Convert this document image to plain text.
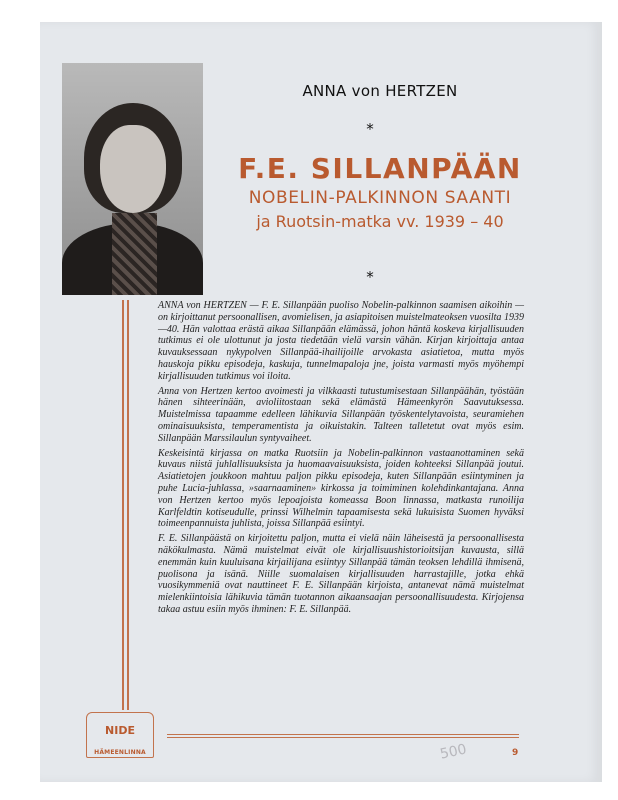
ANNA von HERTZEN
*
F.E. SILLANPÄÄN
NOBELIN-PALKINNON SAANTI
ja Ruotsin-matka vv. 1939 – 40
*

ANNA von HERTZEN — F. E. Sillanpään puoliso Nobelin-palkinnon saamisen aikoihin — on kirjoittanut persoonallisen, avomielisen, ja asiapitoisen muistelmateoksen vuosilta 1939—40. Hän valottaa erästä aikaa Sillanpään elämässä, johon häntä koskeva kirjallisuuden tutkimus ei ole ulottunut ja josta tiedetään vielä varsin vähän. Kirjan kirjoittaja antaa kuvauksessaan nykypolven Sillanpää-ihailijoille arvokasta asiatietoa, mutta myös hauskoja pikku episodeja, kaskuja, tunnelmapaloja jne, joista varmasti myös myöhempi kirjallisuuden tutkimus voi iloita.

Anna von Hertzen kertoo avoimesti ja vilkkaasti tutustumisestaan Sillanpäähän, työstään hänen sihteerinään, avioliitostaan sekä elämästä Hämeenkyrön Saavutuksessa. Muistelmissa tapaamme edelleen lähikuvia Sillanpään työskentelytavoista, seuramiehen ominaisuuksista, temperamentista ja oikuistakin. Talteen talletetut ovat myös esim. Sillanpään Marssilaulun syntyvaiheet.

Keskeisintä kirjassa on matka Ruotsiin ja Nobelin-palkinnon vastaanottaminen sekä kuvaus niistä juhlallisuuksista ja huomaavaisuuksista, joiden kohteeksi Sillanpää joutui. Asiatietojen joukkoon mahtuu paljon pikku episodeja, kuten Sillanpään esiintyminen ja puhe Lucia-juhlassa, »saarnaaminen» kirkossa ja toimiminen kolehdinkantajana. Anna von Hertzen kertoo myös lepoajoista komeassa Boon linnassa, matkasta runoilija Karlfeldtin kotiseudulle, prinssi Wilhelmin tapaamisesta sekä lukuisista Suomen hyväksi toimeenpannuista juhlista, joissa Sillanpää esiintyi.

F. E. Sillanpäästä on kirjoitettu paljon, mutta ei vielä näin läheisestä ja persoonallisesta näkökulmasta. Nämä muistelmat eivät ole kirjallisuushistorioitsijan kuvausta, sillä enemmän kuin kuuluisana kirjailijana esiintyy Sillanpää tämän teoksen lehdillä ihmisenä, puolisona ja isänä. Niille suomalaisen kirjallisuuden harrastajille, jotka ehkä vuosikymmeniä ovat nauttineet F. E. Sillanpään kirjoista, antanevat nämä muistelmat mielenkiintoisia lähikuvia tämän tuotannon aikaansaajan persoonallisuudesta. Kirjojensa takaa astuu esiin myös ihminen: F. E. Sillanpää.

NIDE
HÄMEENLINNA	500	9
